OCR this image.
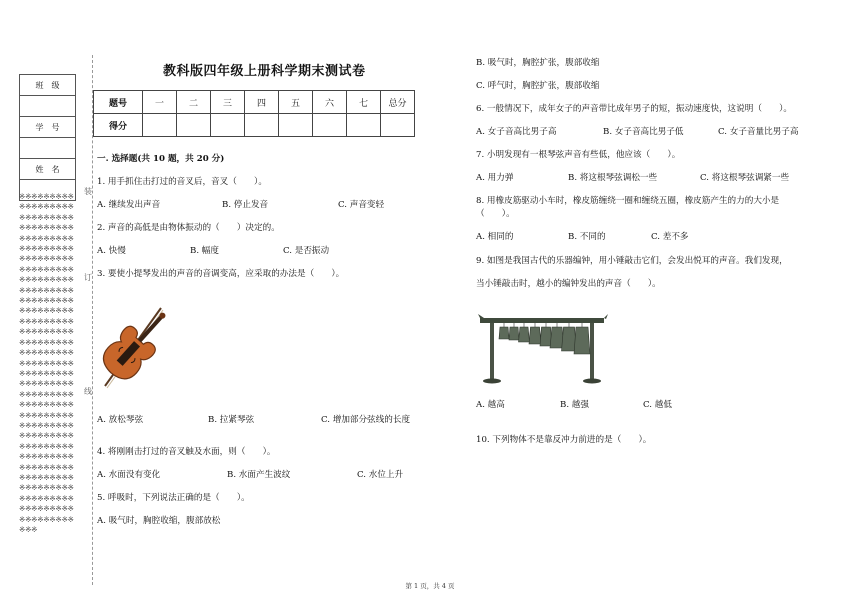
班　级

学　号

姓　名

※※※※※※※※※※※※※※※※※※※※※※※※※※※※※※※※※※※※※※※※※※※※※※※※※※※※※※※※※※※※※※※※※※※※※※※※※※※※※※※※※※※※※※※※※※※※※※※※※※※※※※※※※※※※※※※※※※※※※※※※※※※※※※※※※※※※※※※※※※※※※※※※※※※※※※※※※※※※※※※※※※※※※※※※※※※※※※※※※※※※※※※※※※※※※※※※※※※※※※※※※※※※※※※※※※※※※※※※※※※※※※※※※※※※※※※※※※※※※※※※※※※※※※※※※※※※※※※※※※※※※※※※※※※※※※※※※※※※※※※※※※※※※※※※※※※
装
订
线
教科版四年级上册科学期末测试卷
题号	一	二	三	四	五	六	七	总分
得分								
一. 选择题(共 10 题，共 20 分)
1. 用手抓住击打过的音叉后，音叉（　　）。
A. 继续发出声音	B. 停止发音	C. 声音变轻
2. 声音的高低是由物体振动的（　　）决定的。
A. 快慢	B. 幅度	C. 是否振动
3. 要使小提琴发出的声音的音调变高，应采取的办法是（　　）。
A. 放松琴弦	B. 拉紧琴弦	C. 增加部分弦线的长度
4. 将刚刚击打过的音叉触及水面，则（　　）。
A. 水面没有变化	B. 水面产生波纹	C. 水位上升
5. 呼吸时，下列说法正确的是（　　）。
A. 吸气时，胸腔收缩，腹部放松
B. 吸气时，胸腔扩张，腹部收缩
C. 呼气时，胸腔扩张，腹部收缩
6. 一般情况下，成年女子的声音带比成年男子的短，振动速度快，这说明（　　）。
A. 女子音高比男子高	B. 女子音高比男子低	C. 女子音量比男子高
7. 小明发现有一根琴弦声音有些低，他应该（　　）。
A. 用力弹	B. 将这根琴弦调松一些	C. 将这根琴弦调紧一些
8. 用橡皮筋驱动小车时，橡皮筋缠绕一圈和缠绕五圈，橡皮筋产生的力的大小是
（　　）。
A. 相同的	B. 不同的	C. 差不多
9. 如图是我国古代的乐器编钟，用小锤敲击它们，会发出悦耳的声音。我们发现，
当小锤敲击时，越小的编钟发出的声音（　　）。
A. 越高	B. 越强	C. 越低
10. 下列物体不是靠反冲力前进的是（　　）。
第 1 页，共 4 页
